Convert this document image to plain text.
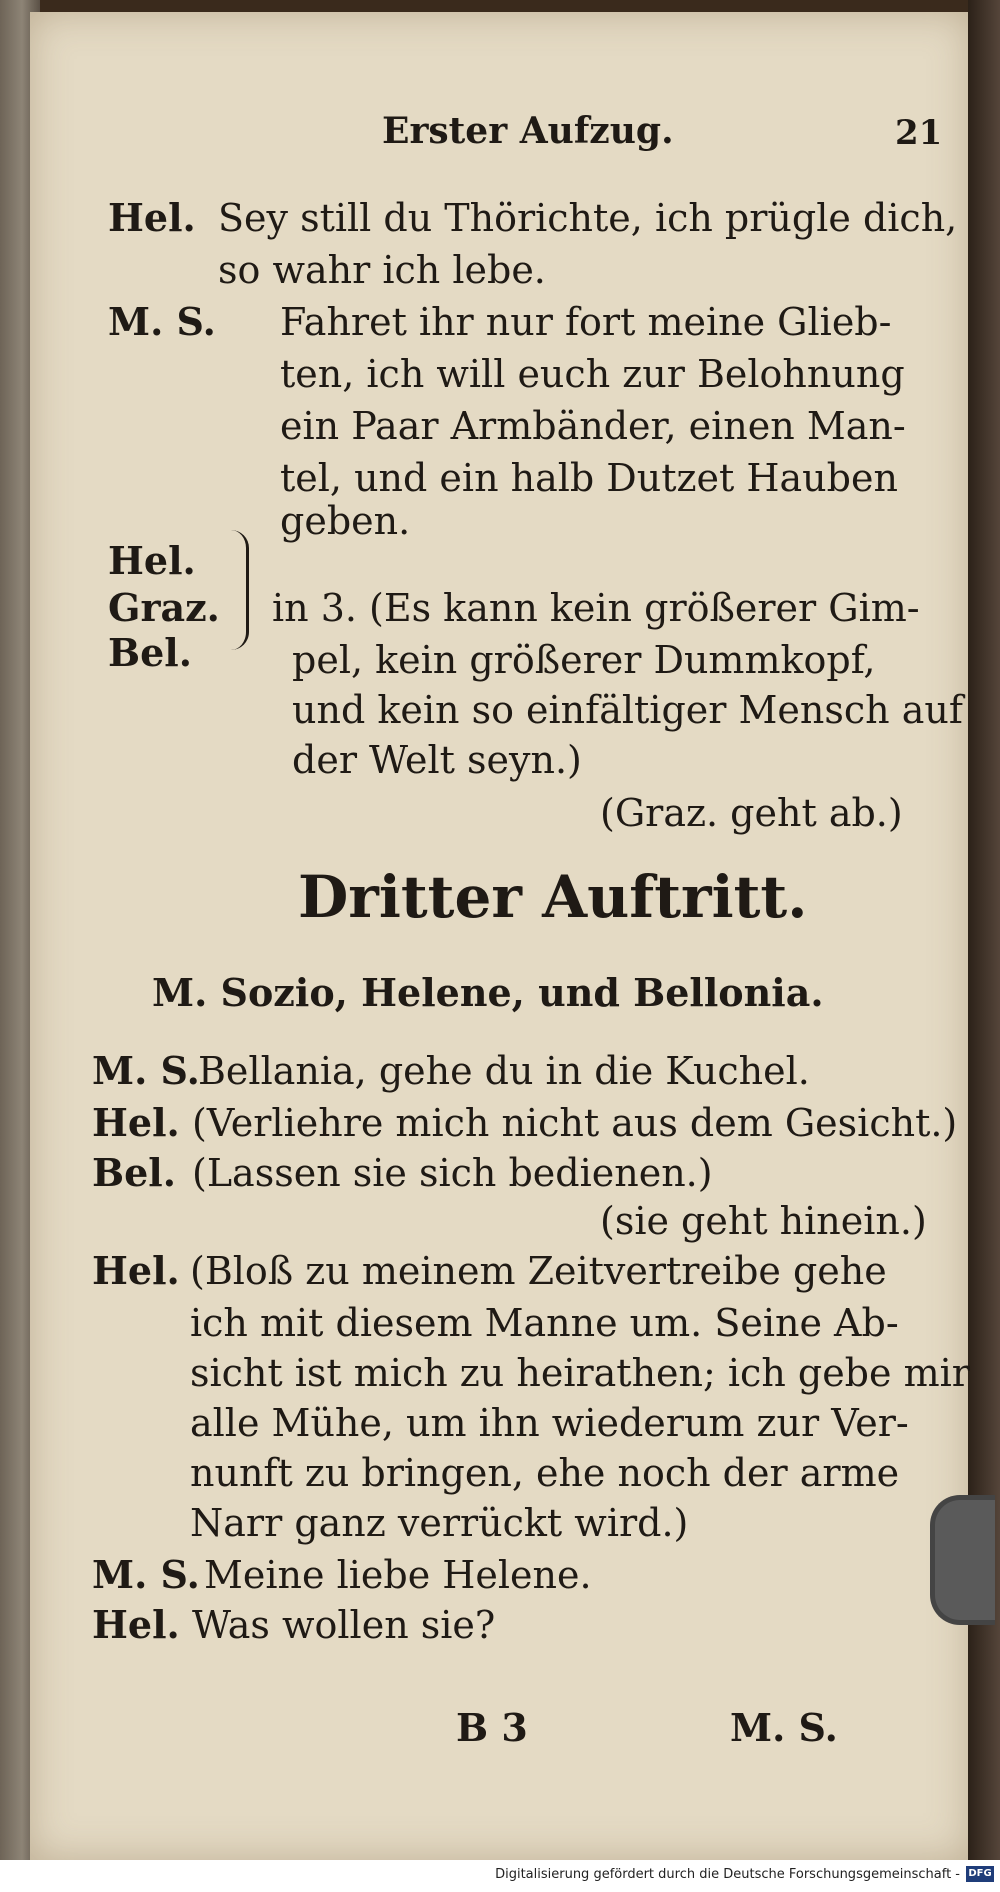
Erster Aufzug.	21
Hel. Sey still du Thörichte, ich prügle dich,
so wahr ich lebe.
M. S. Fahret ihr nur fort meine Glieb-
ten, ich will euch zur Belohnung
ein Paar Armbänder, einen Man-
tel, und ein halb Dutzet Hauben
geben.
Hel.
Graz.
Bel.
in 3. (Es kann kein größerer Gim-
pel, kein größerer Dummkopf,
und kein so einfältiger Mensch auf
der Welt seyn.)
(Graz. geht ab.)
Dritter Auftritt.
M. Sozio, Helene, und Bellonia.
M. S.
Bellania, gehe du in die Kuchel.
Hel. (Verliehre mich nicht aus dem Gesicht.)
Bel. (Lassen sie sich bedienen.)
(sie geht hinein.)
Hel. (Bloß zu meinem Zeitvertreibe gehe
ich mit diesem Manne um. Seine Ab-
sicht ist mich zu heirathen; ich gebe mir
alle Mühe, um ihn wiederum zur Ver-
nunft zu bringen, ehe noch der arme
Narr ganz verrückt wird.)
M. S. Meine liebe Helene.
Hel. Was wollen sie?
B 3	M. S.
Digitalisierung gefördert durch die Deutsche Forschungsgemeinschaft - DFG
